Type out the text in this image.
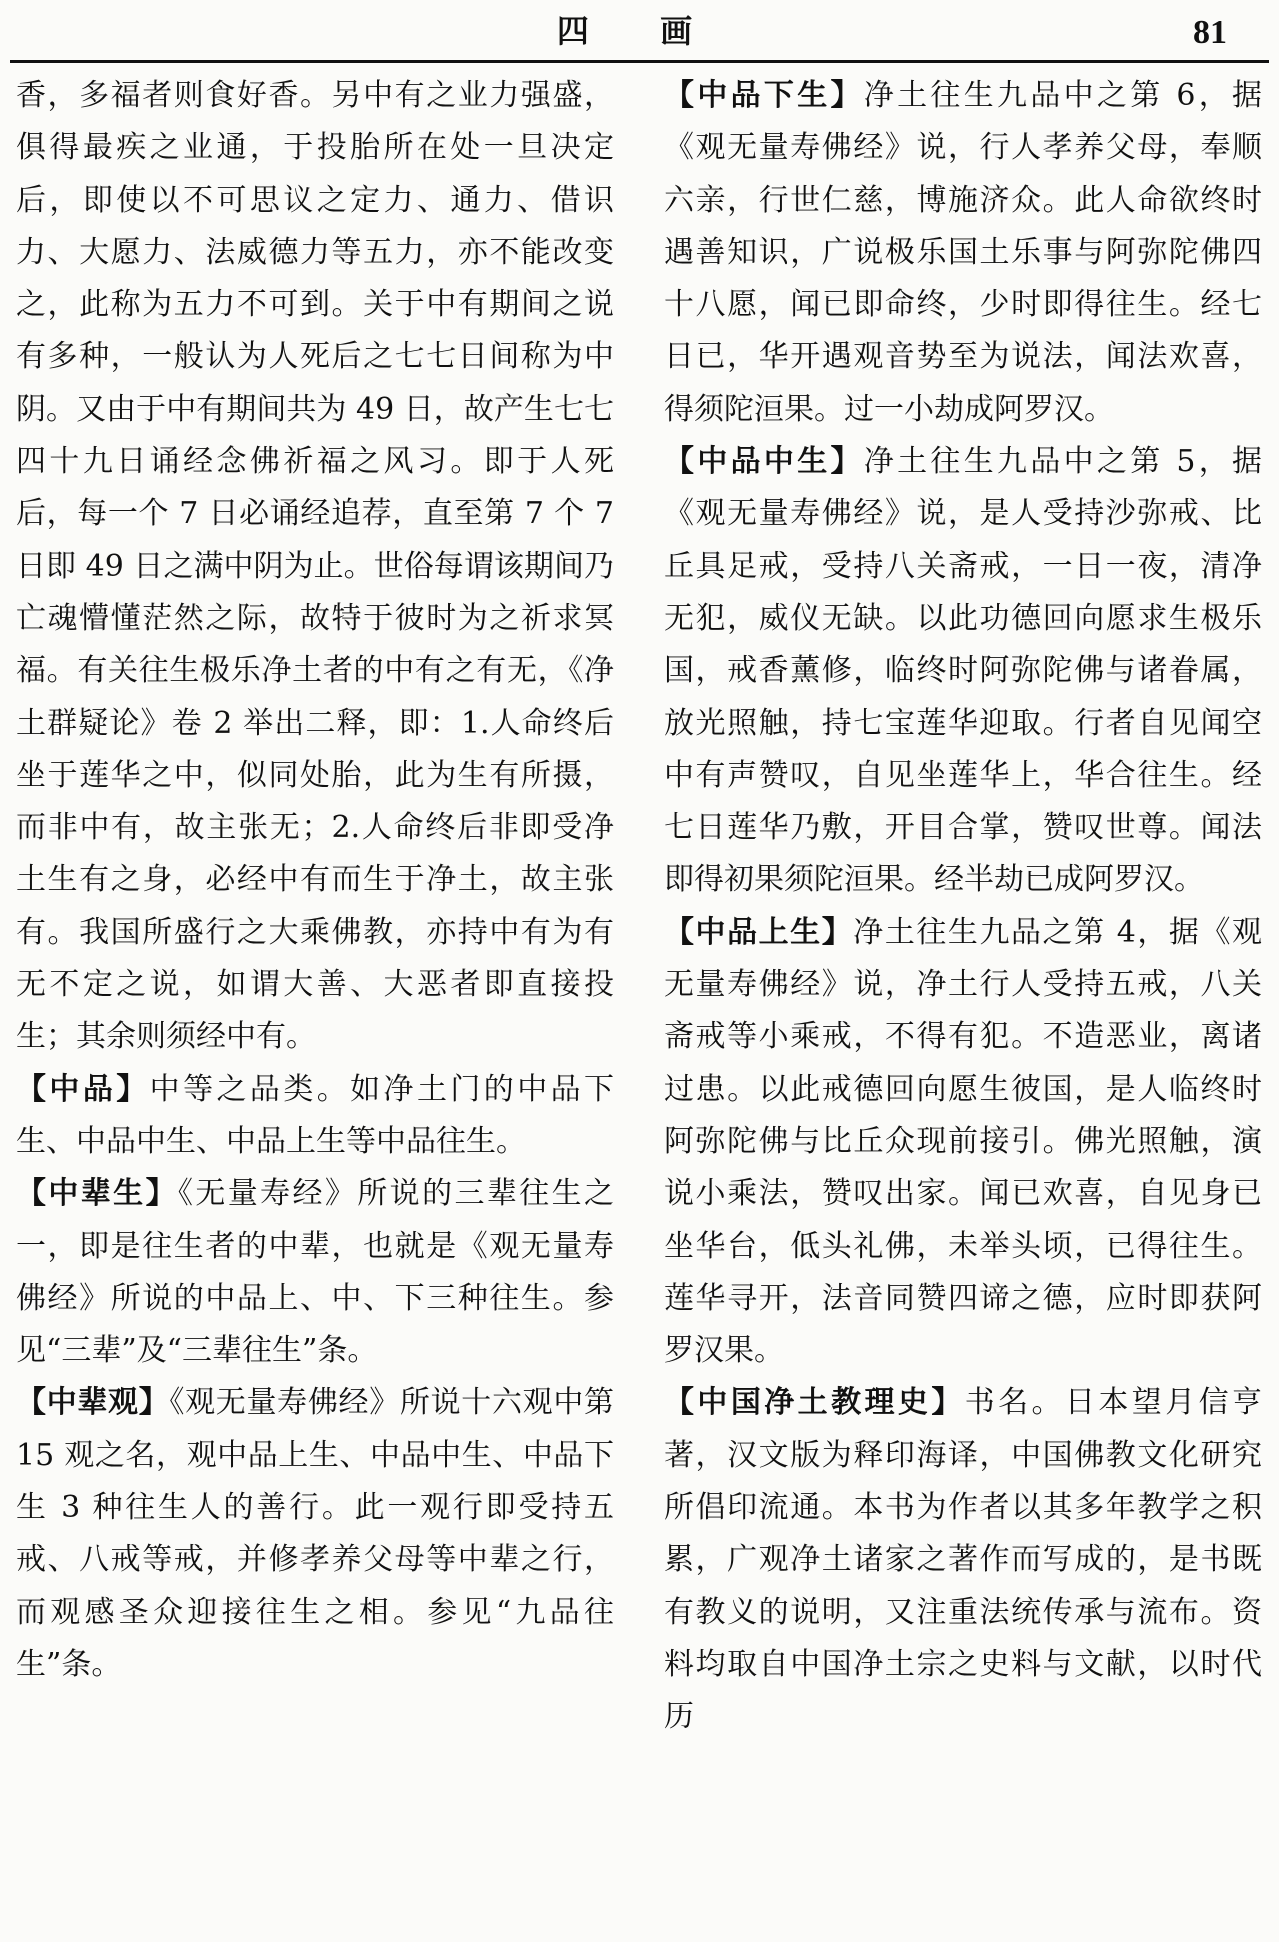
四 画	81

香，多福者则食好香。另中有之业力强盛，俱得最疾之业通，于投胎所在处一旦决定后，即使以不可思议之定力、通力、借识力、大愿力、法威德力等五力，亦不能改变之，此称为五力不可到。关于中有期间之说有多种，一般认为人死后之七七日间称为中阴。又由于中有期间共为 49 日，故产生七七四十九日诵经念佛祈福之风习。即于人死后，每一个 7 日必诵经追荐，直至第 7 个 7 日即 49 日之满中阴为止。世俗每谓该期间乃亡魂懵懂茫然之际，故特于彼时为之祈求冥福。有关往生极乐净土者的中有之有无，《净土群疑论》卷 2 举出二释，即：1.人命终后坐于莲华之中，似同处胎，此为生有所摄，而非中有，故主张无；2.人命终后非即受净土生有之身，必经中有而生于净土，故主张有。我国所盛行之大乘佛教，亦持中有为有无不定之说，如谓大善、大恶者即直接投生；其余则须经中有。

【 中品 】 中等之品类。如净土门的中品下生、中品中生、中品上生等中品往生。

【 中辈生 】 《无量寿经》所说的三辈往生之一，即是往生者的中辈，也就是《观无量寿佛经》所说的中品上、中、下三种往生。参见“三辈”及“三辈往生”条。

【 中辈观 】 《观无量寿佛经》所说十六观中第 15 观之名，观中品上生、中品中生、中品下生 3 种往生人的善行。此一观行即受持五戒、八戒等戒，并修孝养父母等中辈之行，而观感圣众迎接往生之相。参见“九品往生”条。

【 中品下生 】 净土往生九品中之第 6，据《观无量寿佛经》说，行人孝养父母，奉顺六亲，行世仁慈，博施济众。此人命欲终时遇善知识，广说极乐国土乐事与阿弥陀佛四十八愿，闻已即命终，少时即得往生。经七日已，华开遇观音势至为说法，闻法欢喜，得须陀洹果。过一小劫成阿罗汉。

【 中品中生 】 净土往生九品中之第 5，据《观无量寿佛经》说，是人受持沙弥戒、比丘具足戒，受持八关斋戒，一日一夜，清净无犯，威仪无缺。以此功德回向愿求生极乐国，戒香薰修，临终时阿弥陀佛与诸眷属，放光照触，持七宝莲华迎取。行者自见闻空中有声赞叹，自见坐莲华上，华合往生。经七日莲华乃敷，开目合掌，赞叹世尊。闻法即得初果须陀洹果。经半劫已成阿罗汉。

【 中品上生 】 净土往生九品之第 4，据《观无量寿佛经》说，净土行人受持五戒，八关斋戒等小乘戒，不得有犯。不造恶业，离诸过患。以此戒德回向愿生彼国，是人临终时阿弥陀佛与比丘众现前接引。佛光照触，演说小乘法，赞叹出家。闻已欢喜，自见身已坐华台，低头礼佛，未举头顷，已得往生。莲华寻开，法音同赞四谛之德，应时即获阿罗汉果。

【 中国净土教理史 】 书名。日本望月信亨著，汉文版为释印海译，中国佛教文化研究所倡印流通。本书为作者以其多年教学之积累，广观净土诸家之著作而写成的，是书既有教义的说明，又注重法统传承与流布。资料均取自中国净土宗之史料与文献，以时代历
